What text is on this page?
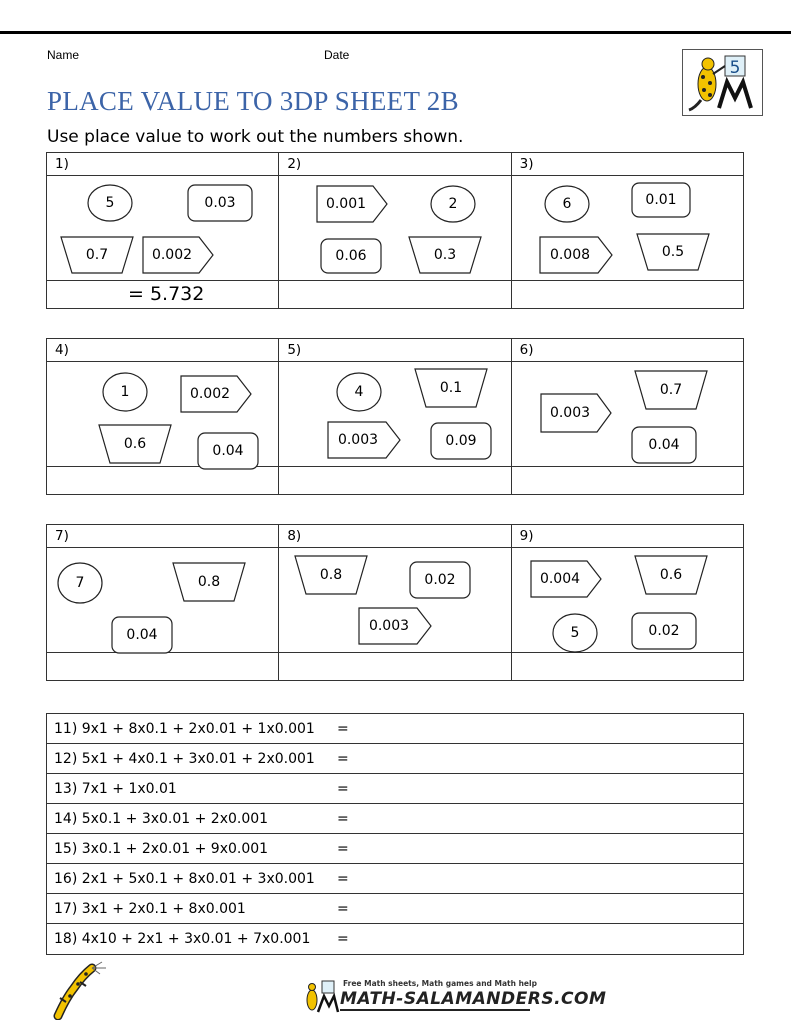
Name	Date
PLACE VALUE TO 3DP SHEET 2B
5
Use place value to work out the numbers shown.
1)	2)	3)
= 5.732
4)	5)	6)
7)	8)	9)
11) 9x1 + 8x0.1 + 2x0.01 + 1x0.001 =
12) 5x1 + 4x0.1 + 3x0.01 + 2x0.001 =
13) 7x1 + 1x0.01	=
14) 5x0.1 + 3x0.01 + 2x0.001	=
15) 3x0.1 + 2x0.01 + 9x0.001	=
16) 2x1 + 5x0.1 + 8x0.01 + 3x0.001 =
17) 3x1 + 2x0.1 + 8x0.001	=
18) 4x10 + 2x1 + 3x0.01 + 7x0.001 =
Free Math sheets, Math games and Math help
MATH-SALAMANDERS.COM
5	0.03
0.7	0.002
0.001	2
0.06	0.3
6	0.01
0.008	0.5
1	0.002
0.6	0.04
4	0.1
0.003	0.09
0.003
0.7
0.04
7	0.8
0.04
0.8	0.02
0.003
0.004	0.6
5	0.02
